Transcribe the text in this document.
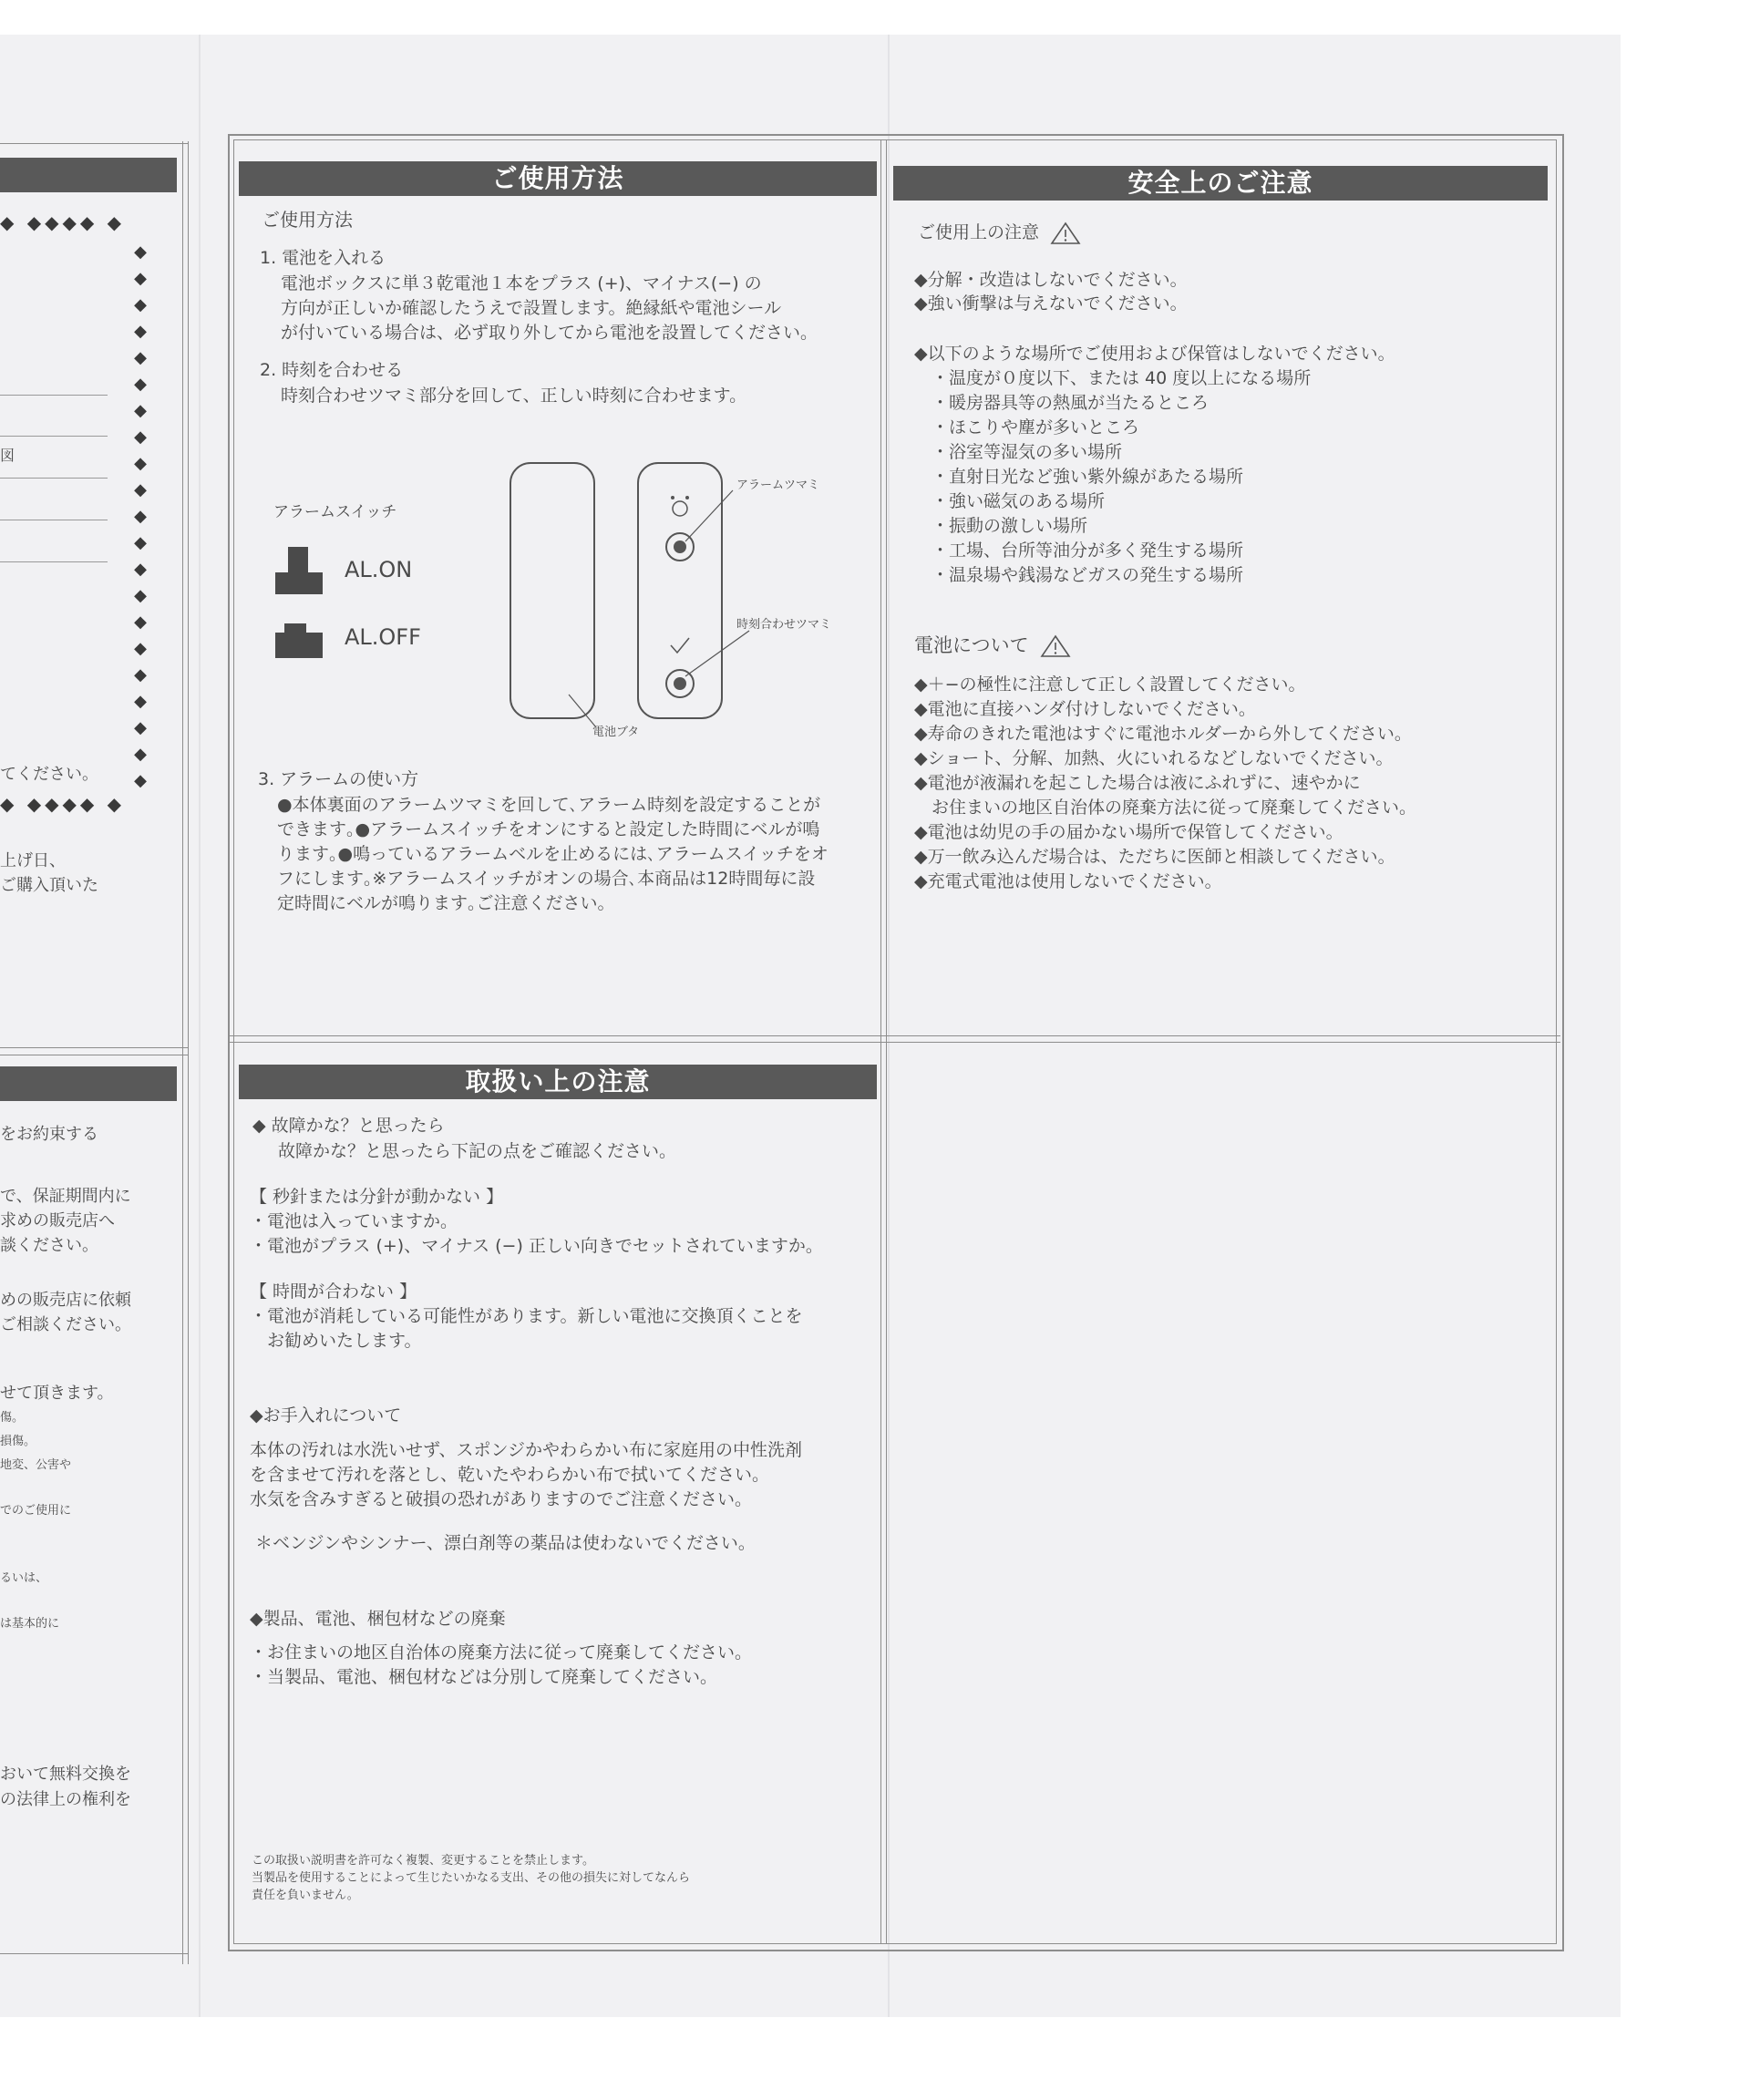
◆ ◆◆◆◆ ◆
◆ ◆◆◆◆ ◆
◆
◆
◆
◆
◆
◆
◆
◆
◆
◆
◆
◆
◆
◆
◆
◆
◆
◆
◆
◆
◆
図
てください。
上げ日、
ご購入頂いた
をお約束する
で、保証期間内に
求めの販売店へ
談ください。
めの販売店に依頼
ご相談ください。
せて頂きます。
傷。
損傷。
地変、公害や
でのご使用に
るいは、
は基本的に
おいて無料交換を
の法律上の権利を
ご使用方法
ご使用方法
1. 電池を入れる
電池ボックスに単３乾電池１本をプラス (+)、マイナス(−) の
方向が正しいか確認したうえで設置します。絶縁紙や電池シール
が付いている場合は、必ず取り外してから電池を設置してください。
2. 時刻を合わせる
時刻合わせツマミ部分を回して、正しい時刻に合わせます。
アラームスイッチ
AL.ON
AL.OFF
アラームツマミ
時刻合わせツマミ
電池ブタ
3. アラームの使い方
●本体裏面のアラームツマミを回して､アラーム時刻を設定することが
できます｡●アラームスイッチをオンにすると設定した時間にベルが鳴
ります｡●鳴っているアラームベルを止めるには､アラームスイッチをオ
フにします｡※アラームスイッチがオンの場合､本商品は12時間毎に設
定時間にベルが鳴ります｡ご注意ください｡
安全上のご注意
ご使用上の注意
◆分解・改造はしないでください。
◆強い衝撃は与えないでください。
◆以下のような場所でご使用および保管はしないでください。
・温度が０度以下、または 40 度以上になる場所
・暖房器具等の熱風が当たるところ
・ほこりや塵が多いところ
・浴室等湿気の多い場所
・直射日光など強い紫外線があたる場所
・強い磁気のある場所
・振動の激しい場所
・工場、台所等油分が多く発生する場所
・温泉場や銭湯などガスの発生する場所
電池について
◆＋−の極性に注意して正しく設置してください。
◆電池に直接ハンダ付けしないでください。
◆寿命のきれた電池はすぐに電池ホルダーから外してください。
◆ショート、分解、加熱、火にいれるなどしないでください。
◆電池が液漏れを起こした場合は液にふれずに、速やかに
　お住まいの地区自治体の廃棄方法に従って廃棄してください。
◆電池は幼児の手の届かない場所で保管してください。
◆万一飲み込んだ場合は、ただちに医師と相談してください。
◆充電式電池は使用しないでください。
取扱い上の注意
◆ 故障かな？と思ったら
故障かな？と思ったら下記の点をご確認ください。
【 秒針または分針が動かない 】
・電池は入っていますか。
・電池がプラス (+)、マイナス (−) 正しい向きでセットされていますか。
【 時間が合わない 】
・電池が消耗している可能性があります。新しい電池に交換頂くことを
　お勧めいたします。
◆お手入れについて
本体の汚れは水洗いせず、スポンジかやわらかい布に家庭用の中性洗剤
を含ませて汚れを落とし、乾いたやわらかい布で拭いてください。
水気を含みすぎると破損の恐れがありますのでご注意ください。
＊ベンジンやシンナー、漂白剤等の薬品は使わないでください。
◆製品、電池、梱包材などの廃棄
・お住まいの地区自治体の廃棄方法に従って廃棄してください。
・当製品、電池、梱包材などは分別して廃棄してください。
この取扱い説明書を許可なく複製、変更することを禁止します。
当製品を使用することによって生じたいかなる支出、その他の損失に対してなんら
責任を負いません。
